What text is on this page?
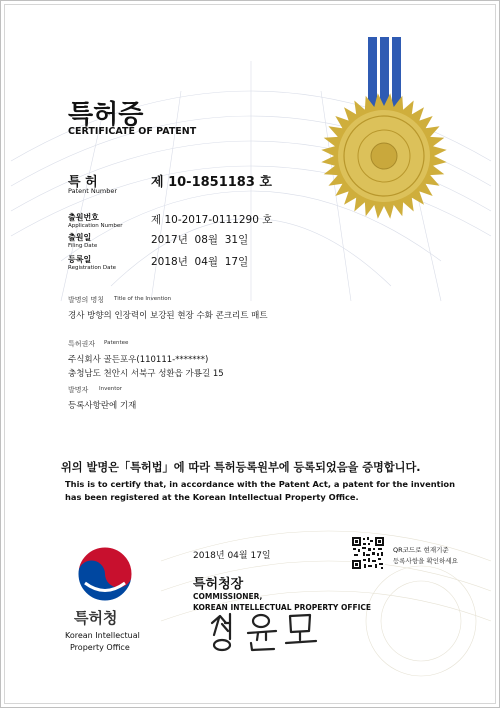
특허증
CERTIFICATE OF PATENT
특 허
Patent Number
제 10-1851183 호
출원번호
Application Number	제 10-2017-0111290 호
출원일
Filing Date	2017년  08월  31일
등록일
Registration Date	2018년  04월  17일
발명의 명칭 Title of the Invention
경사 방향의 인장력이 보강된 현장 수화 콘크리트 매트
특허권자 Patentee
주식회사 골든포우(110111-*******)
충청남도 천안시 서북구 성환읍 가룡길 15
발명자 Inventor
등록사항란에 기재
위의 발명은「특허법」에 따라 특허등록원부에 등록되었음을 증명합니다.
This is to certify that, in accordance with the Patent Act, a patent for the invention
has been registered at the Korean Intellectual Property Office.
2018년 04월 17일
QR코드로 현재기준
등록사항을 확인하세요
특허청장
COMMISSIONER,
KOREAN INTELLECTUAL PROPERTY OFFICE
특허청
Korean Intellectual
Property Office
